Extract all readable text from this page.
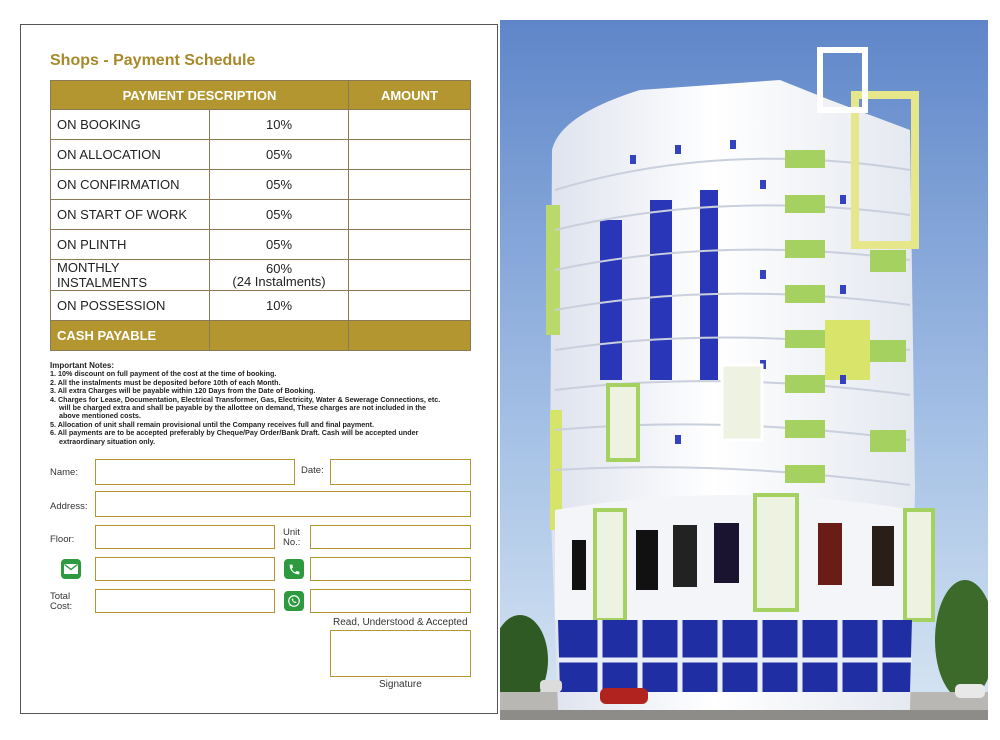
Shops - Payment Schedule
PAYMENT DESCRIPTION		AMOUNT
ON BOOKING	10%	
ON ALLOCATION	05%	
ON CONFIRMATION	05%	
ON START OF WORK	05%	
ON PLINTH	05%	
MONTHLY INSTALMENTS	60%
(24 Instalments)	
ON POSSESSION	10%	
CASH PAYABLE		
Important Notes:

1. 10% discount on full payment of the cost at the time of booking.

2. All the instalments must be deposited before 10th of each Month.

3. All extra Charges will be payable within 120 Days from the Date of Booking.

4. Charges for Lease, Documentation, Electrical Transformer, Gas, Electricity, Water & Sewerage Connections, etc.

will be charged extra and shall be payable by the allottee on demand, These charges are not included in the

above mentioned costs.

5. Allocation of unit shall remain provisional until the Company receives full and final payment.

6. All payments are to be accepted preferably by Cheque/Pay Order/Bank Draft. Cash will be accepted under

extraordinary situation only.

Name:	Date:
Address:
Floor:
Unit
No.:
Total
Cost:
Read, Understood & Accepted
Signature
